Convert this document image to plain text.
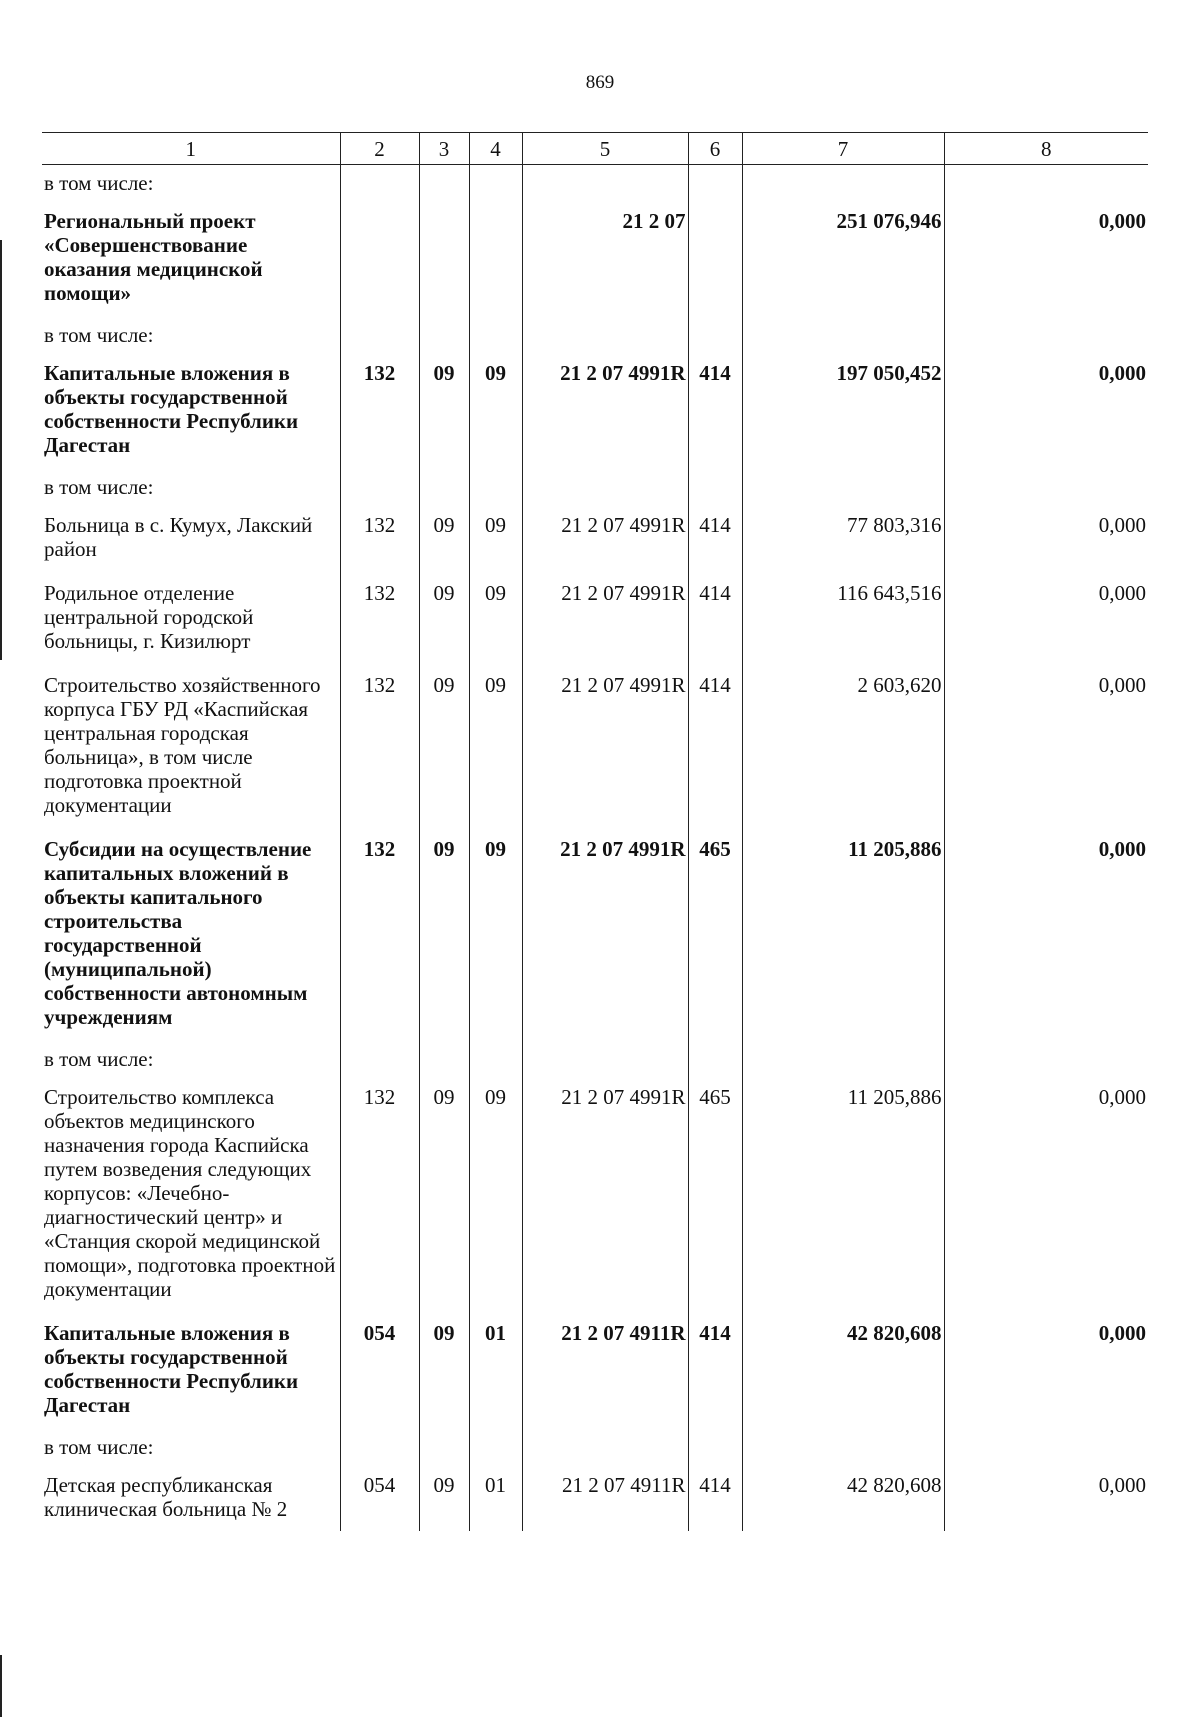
869
1	2	3	4	5	6	7	8
в том числе:							
Региональный проект «Совершенствование оказания медицинской помощи»				21 2 07		251 076,946	0,000
в том числе:							
Капитальные вложения в объекты государственной собственности Республики Дагестан	132	09	09	21 2 07 4991R	414	197 050,452	0,000
в том числе:							
Больница в с. Кумух, Лакский район	132	09	09	21 2 07 4991R	414	77 803,316	0,000
Родильное отделение центральной городской больницы, г. Кизилюрт	132	09	09	21 2 07 4991R	414	116 643,516	0,000
Строительство хозяйственного корпуса ГБУ РД «Каспийская центральная городская больница», в том числе подготовка проектной документации	132	09	09	21 2 07 4991R	414	2 603,620	0,000
Субсидии на осуществление капитальных вложений в объекты капитального строительства государственной (муниципальной) собственности автономным учреждениям	132	09	09	21 2 07 4991R	465	11 205,886	0,000
в том числе:							
Строительство комплекса объектов медицинского назначения города Каспийска путем возведения следующих корпусов: «Лечебно-диагностический центр» и «Станция скорой медицинской помощи», подготовка проектной документации	132	09	09	21 2 07 4991R	465	11 205,886	0,000
Капитальные вложения в объекты государственной собственности Республики Дагестан	054	09	01	21 2 07 4911R	414	42 820,608	0,000
в том числе:							
Детская республиканская клиническая больница № 2	054	09	01	21 2 07 4911R	414	42 820,608	0,000
